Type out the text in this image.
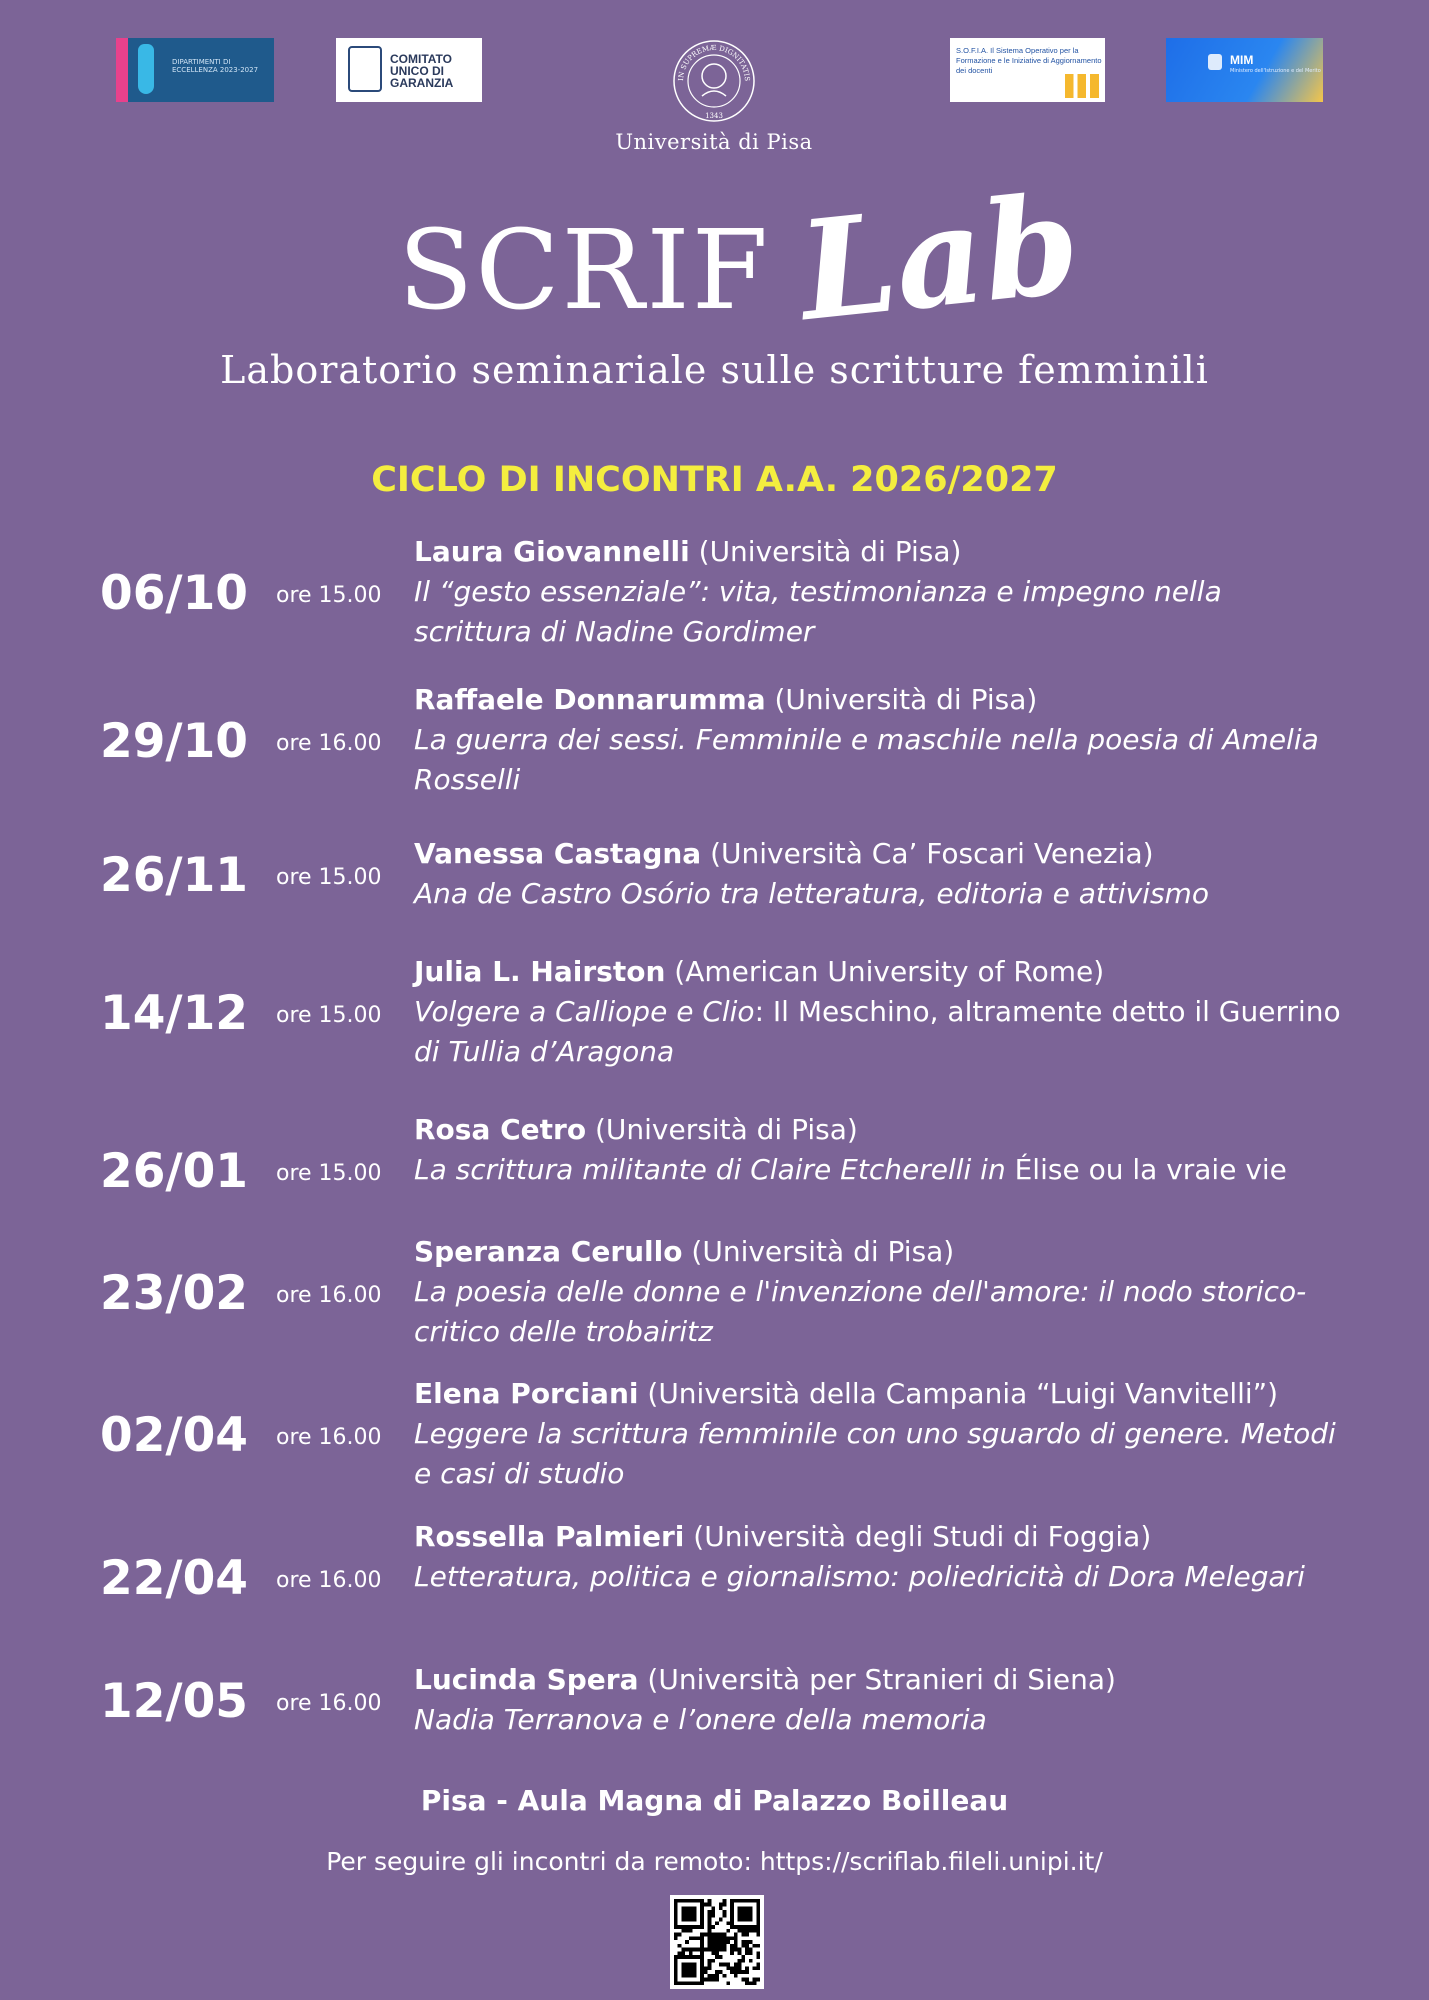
DIPARTIMENTI DI ECCELLENZA 2023-2027
COMITATO UNICO DI GARANZIA	IN SUPREMÆ DIGNITATIS
1343
Università di Pisa
S.O.F.I.A. Il Sistema Operativo per la Formazione e le Iniziative di Aggiornamento dei docenti
MIM
Ministero dell'Istruzione e del Merito
SCRIF Lab
Laboratorio seminariale sulle scritture femminili
CICLO DI INCONTRI A.A. 2026/2027
06/10 ore 15.00
Laura Giovannelli (Università di Pisa)
Il “gesto essenziale”: vita, testimonianza e impegno nella scrittura di Nadine Gordimer
29/10 ore 16.00
Raffaele Donnarumma (Università di Pisa)
La guerra dei sessi. Femminile e maschile nella poesia di Amelia Rosselli
26/11 ore 15.00
Vanessa Castagna (Università Ca’ Foscari Venezia)
Ana de Castro Osório tra letteratura, editoria e attivismo
14/12 ore 15.00
Julia L. Hairston (American University of Rome)
Volgere a Calliope e Clio: Il Meschino, altramente detto il Guerrino di Tullia d’Aragona
26/01 ore 15.00
Rosa Cetro (Università di Pisa)
La scrittura militante di Claire Etcherelli in Élise ou la vraie vie
23/02 ore 16.00
Speranza Cerullo (Università di Pisa)
La poesia delle donne e l'invenzione dell'amore: il nodo storico-critico delle trobairitz
02/04 ore 16.00
Elena Porciani (Università della Campania “Luigi Vanvitelli”)
Leggere la scrittura femminile con uno sguardo di genere. Metodi e casi di studio
22/04 ore 16.00
Rossella Palmieri (Università degli Studi di Foggia)
Letteratura, politica e giornalismo: poliedricità di Dora Melegari
12/05 ore 16.00
Lucinda Spera (Università per Stranieri di Siena)
Nadia Terranova e l’onere della memoria
Pisa - Aula Magna di Palazzo Boilleau
Per seguire gli incontri da remoto: https://scriflab.fileli.unipi.it/
